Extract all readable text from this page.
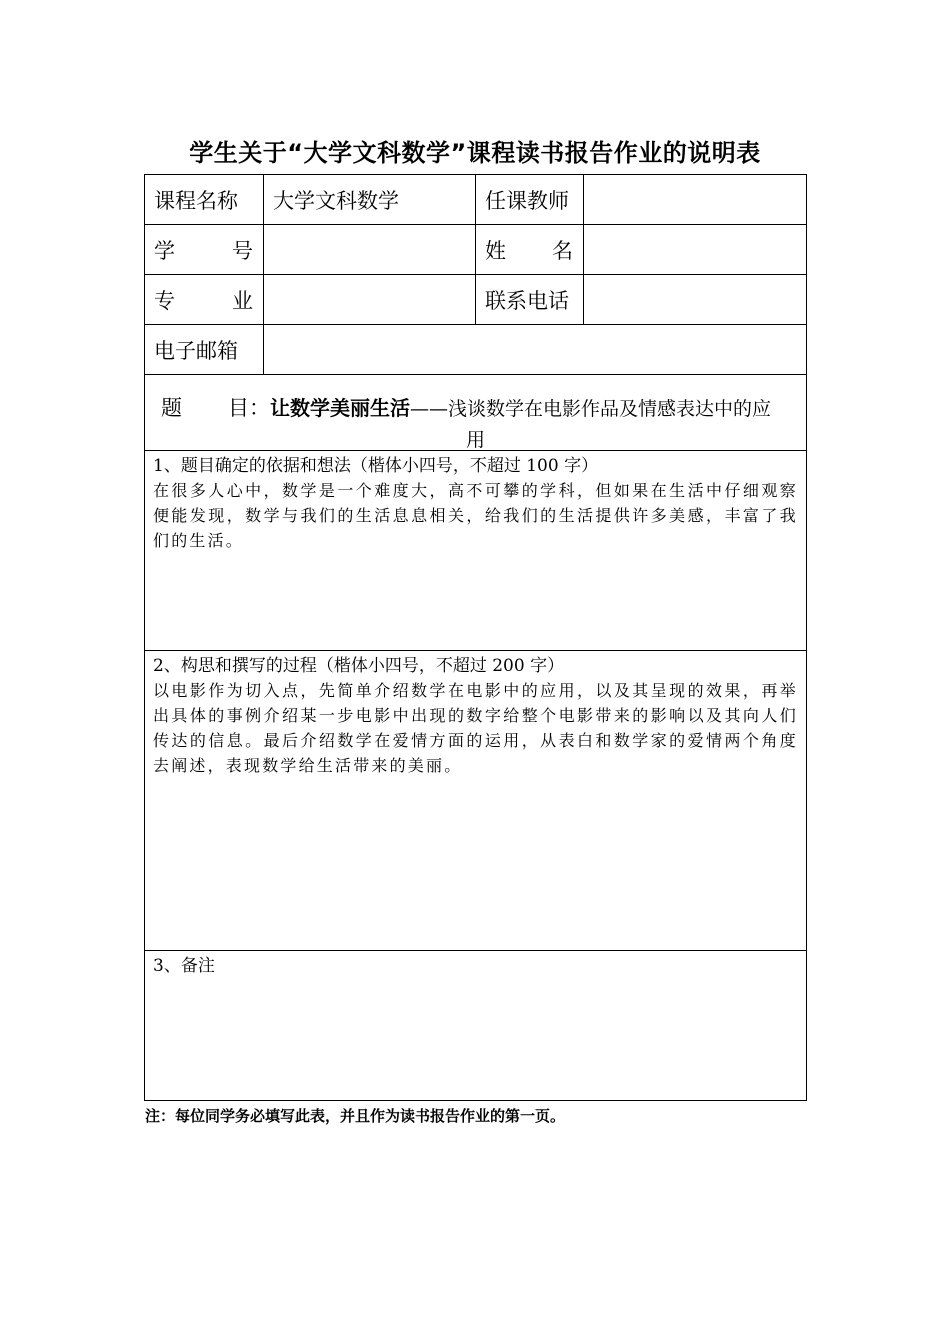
学生关于“大学文科数学”课程读书报告作业的说明表
课程名称	大学文科数学	任课教师	

学 号		姓 名	

专 业		联系电话	
电子邮箱			

题 目：让数学美丽生活——浅谈数学在电影作品及情感表达中的应
用			

1、题目确定的依据和想法（楷体小四号，不超过 100 字）
在很多人心中，数学是一个难度大，高不可攀的学科，但如果在生活中仔细观察便能发现，数学与我们的生活息息相关，给我们的生活提供许多美感，丰富了我们的生活。			

2、构思和撰写的过程（楷体小四号，不超过 200 字）
以电影作为切入点，先简单介绍数学在电影中的应用，以及其呈现的效果，再举出具体的事例介绍某一步电影中出现的数字给整个电影带来的影响以及其向人们传达的信息。最后介绍数学在爱情方面的运用，从表白和数学家的爱情两个角度去阐述，表现数学给生活带来的美丽。			

3、备注			
注：每位同学务必填写此表，并且作为读书报告作业的第一页。
